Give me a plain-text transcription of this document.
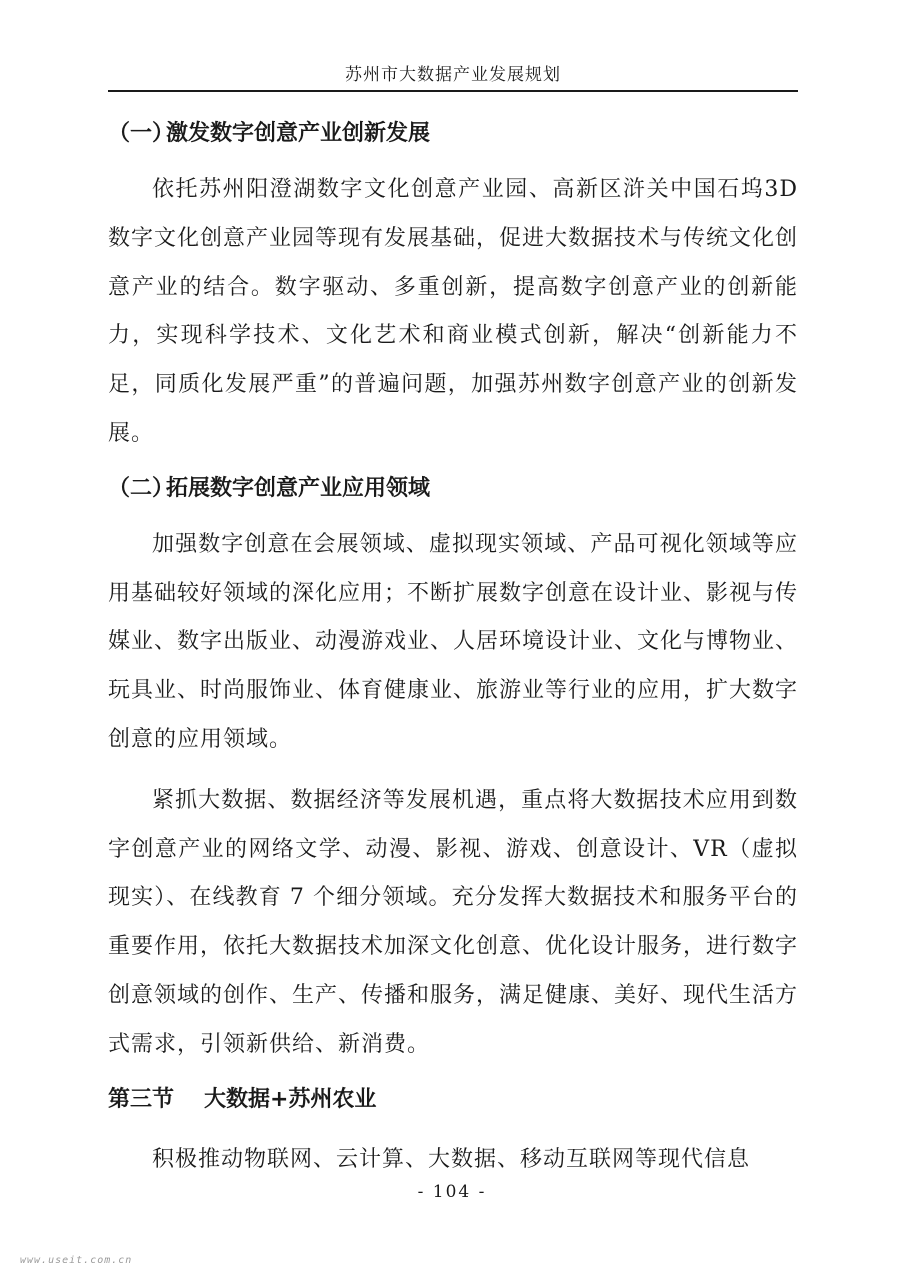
苏州市大数据产业发展规划
（一）激发数字创意产业创新发展

依托苏州阳澄湖数字文化创意产业园、高新区浒关中国石坞3D 数字文化创意产业园等现有发展基础，促进大数据技术与传统文化创意产业的结合。数字驱动、多重创新，提高数字创意产业的创新能力，实现科学技术、文化艺术和商业模式创新，解决“创新能力不足，同质化发展严重”的普遍问题，加强苏州数字创意产业的创新发展。

（二）拓展数字创意产业应用领域

加强数字创意在会展领域、虚拟现实领域、产品可视化领域等应用基础较好领域的深化应用；不断扩展数字创意在设计业、影视与传媒业、数字出版业、动漫游戏业、人居环境设计业、文化与博物业、玩具业、时尚服饰业、体育健康业、旅游业等行业的应用，扩大数字创意的应用领域。

紧抓大数据、数据经济等发展机遇，重点将大数据技术应用到数字创意产业的网络文学、动漫、影视、游戏、创意设计、VR（虚拟现实）、在线教育 7 个细分领域。充分发挥大数据技术和服务平台的重要作用，依托大数据技术加深文化创意、优化设计服务，进行数字创意领域的创作、生产、传播和服务，满足健康、美好、现代生活方式需求，引领新供给、新消费。

第三节 大数据+苏州农业

积极推动物联网、云计算、大数据、移动互联网等现代信息

- 104 -
www.useit.com.cn
